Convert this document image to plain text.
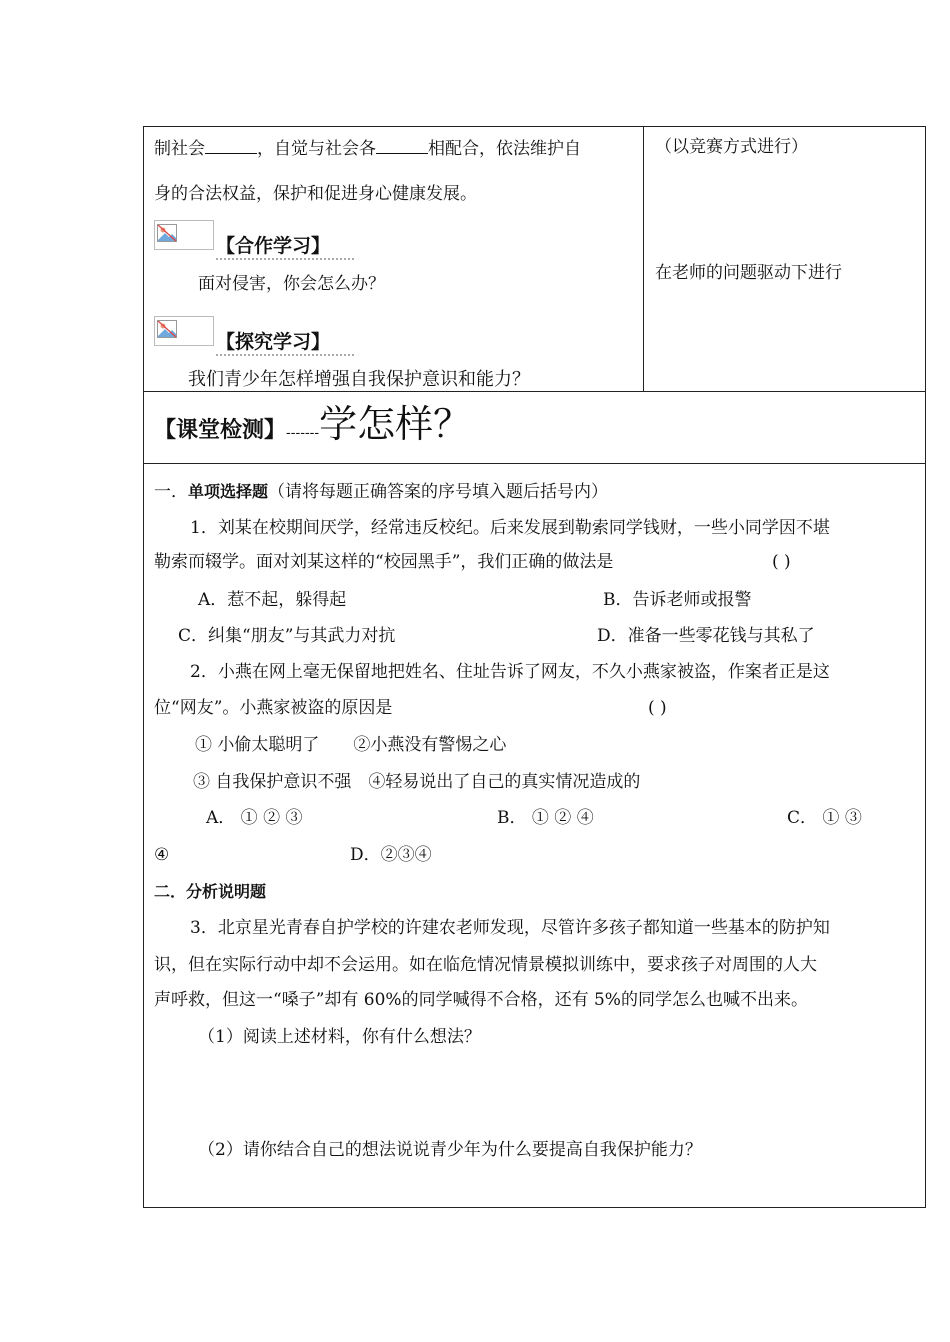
制社会	，自觉与社会各	相配合，依法维护自
身的合法权益，保护和促进身心健康发展。
【合作学习】
面对侵害，你会怎么办？
【探究学习】
我们青少年怎样增强自我保护意识和能力？
（以竞赛方式进行）
在老师的问题驱动下进行
【课堂检测】-------学怎样？
一．单项选择题（请将每题正确答案的序号填入题后括号内）
1．刘某在校期间厌学，经常违反校纪。后来发展到勒索同学钱财，一些小同学因不堪
勒索而辍学。面对刘某这样的“校园黑手”，我们正确的做法是	( )
A．惹不起，躲得起	B．告诉老师或报警
C．纠集“朋友”与其武力对抗	D．准备一些零花钱与其私了
2．小燕在网上毫无保留地把姓名、住址告诉了网友，不久小燕家被盗，作案者正是这
位“网友”。小燕家被盗的原因是	( )
① 小偷太聪明了　　②小燕没有警惕之心
③ 自我保护意识不强　④轻易说出了自己的真实情况造成的
A． ① ② ③	B． ① ② ④	C． ① ③
④	D．②③④
二．分析说明题
3．北京星光青春自护学校的许建农老师发现，尽管许多孩子都知道一些基本的防护知
识，但在实际行动中却不会运用。如在临危情况情景模拟训练中，要求孩子对周围的人大
声呼救，但这一“嗓子”却有 60%的同学喊得不合格，还有 5%的同学怎么也喊不出来。
（1）阅读上述材料，你有什么想法？
（2）请你结合自己的想法说说青少年为什么要提高自我保护能力？
